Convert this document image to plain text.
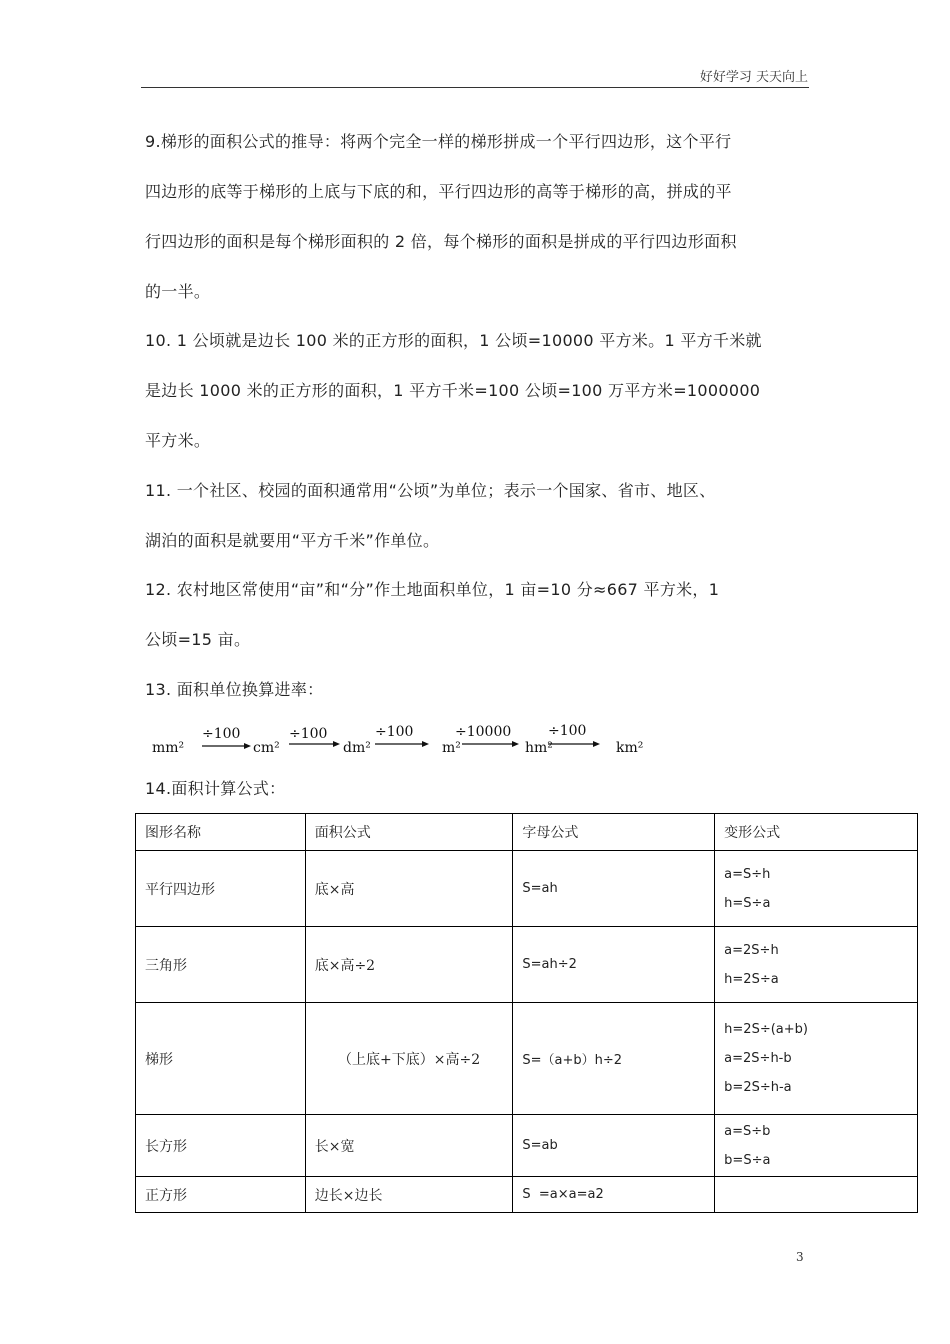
好好学习 天天向上
9.梯形的面积公式的推导：将两个完全一样的梯形拼成一个平行四边形，这个平行
四边形的底等于梯形的上底与下底的和，平行四边形的高等于梯形的高，拼成的平
行四边形的面积是每个梯形面积的 2 倍，每个梯形的面积是拼成的平行四边形面积
的一半。
10. 1 公顷就是边长 100 米的正方形的面积，1 公顷=10000 平方米。1 平方千米就
是边长 1000 米的正方形的面积，1 平方千米=100 公顷=100 万平方米=1000000
平方米。
11. 一个社区、校园的面积通常用“公顷”为单位；表示一个国家、省市、地区、
湖泊的面积是就要用“平方千米”作单位。
12. 农村地区常使用“亩”和“分”作土地面积单位，1 亩=10 分≈667 平方米，1
公顷=15 亩。
13. 面积单位换算进率：
mm²	cm²	dm²	m²	hm²	km²
÷100	÷100	÷100	÷10000	÷100
14.面积计算公式：
图形名称	面积公式	字母公式	变形公式
平行四边形	底×高	S=ah	a=S÷h
h=S÷a

三角形	底×高÷2	S=ah÷2	a=2S÷h
h=2S÷a

梯形	（上底+下底）×高÷2	S=（a+b）h÷2	h=2S÷(a+b)
a=2S÷h-b
b=2S÷h-a

长方形	长×宽	S=ab	a=S÷b
b=S÷a

正方形	边长×边长	S  =a×a=a2	
3
